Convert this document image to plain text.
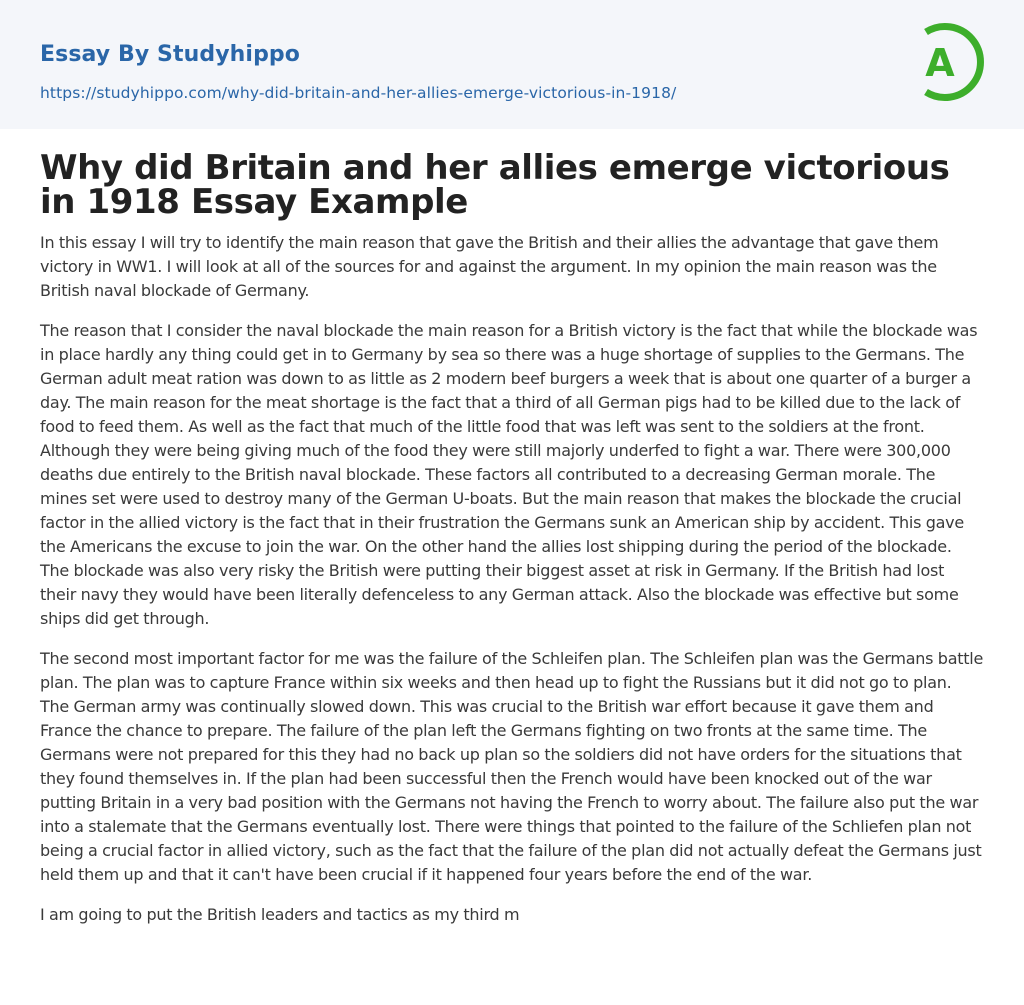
Essay By Studyhippo
https://studyhippo.com/why-did-britain-and-her-allies-emerge-victorious-in-1918/
A
Why did Britain and her allies emerge victorious in 1918 Essay Example

In this essay I will try to identify the main reason that gave the British and their allies the advantage that gave them victory in WW1. I will look at all of the sources for and against the argument. In my opinion the main reason was the British naval blockade of Germany.

The reason that I consider the naval blockade the main reason for a British victory is the fact that while the blockade was in place hardly any thing could get in to Germany by sea so there was a huge shortage of supplies to the Germans. The German adult meat ration was down to as little as 2 modern beef burgers a week that is about one quarter of a burger a day. The main reason for the meat shortage is the fact that a third of all German pigs had to be killed due to the lack of food to feed them. As well as the fact that much of the little food that was left was sent to the soldiers at the front. Although they were being giving much of the food they were still majorly underfed to fight a war. There were 300,000 deaths due entirely to the British naval blockade. These factors all contributed to a decreasing German morale. The mines set were used to destroy many of the German U-boats. But the main reason that makes the blockade the crucial factor in the allied victory is the fact that in their frustration the Germans sunk an American ship by accident. This gave the Americans the excuse to join the war. On the other hand the allies lost shipping during the period of the blockade. The blockade was also very risky the British were putting their biggest asset at risk in Germany. If the British had lost their navy they would have been literally defenceless to any German attack. Also the blockade was effective but some ships did get through.

The second most important factor for me was the failure of the Schleifen plan. The Schleifen plan was the Germans battle plan. The plan was to capture France within six weeks and then head up to fight the Russians but it did not go to plan. The German army was continually slowed down. This was crucial to the British war effort because it gave them and France the chance to prepare. The failure of the plan left the Germans fighting on two fronts at the same time. The Germans were not prepared for this they had no back up plan so the soldiers did not have orders for the situations that they found themselves in. If the plan had been successful then the French would have been knocked out of the war putting Britain in a very bad position with the Germans not having the French to worry about. The failure also put the war into a stalemate that the Germans eventually lost. There were things that pointed to the failure of the Schliefen plan not being a crucial factor in allied victory, such as the fact that the failure of the plan did not actually defeat the Germans just held them up and that it can't have been crucial if it happened four years before the end of the war.

I am going to put the British leaders and tactics as my third m
